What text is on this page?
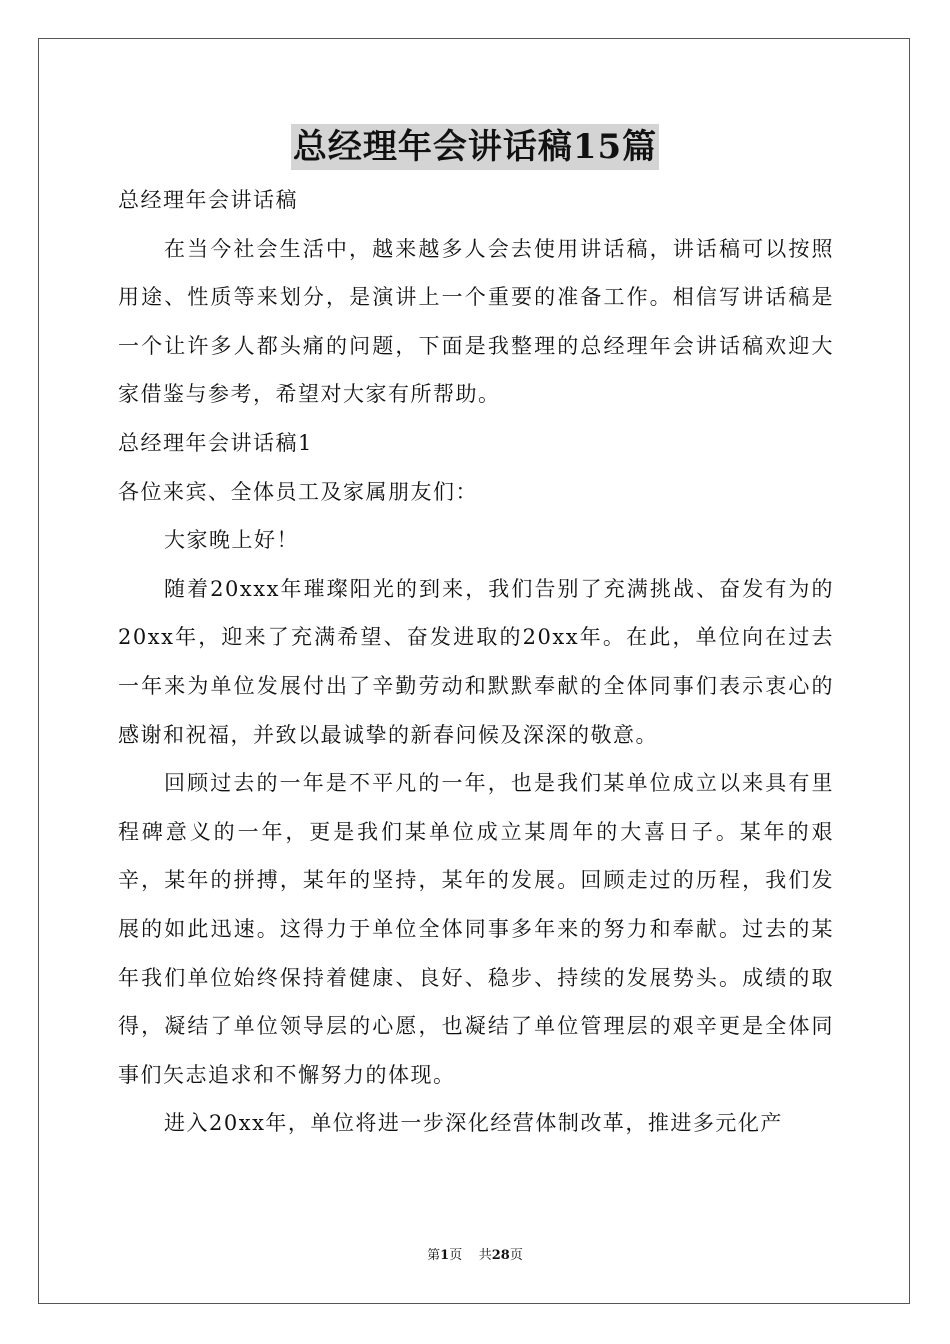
总经理年会讲话稿15篇

总经理年会讲话稿

在当今社会生活中，越来越多人会去使用讲话稿，讲话稿可以按照用途、性质等来划分，是演讲上一个重要的准备工作。相信写讲话稿是一个让许多人都头痛的问题，下面是我整理的总经理年会讲话稿欢迎大家借鉴与参考，希望对大家有所帮助。

总经理年会讲话稿1

各位来宾、全体员工及家属朋友们：

大家晚上好！

随着20xxx年璀璨阳光的到来，我们告别了充满挑战、奋发有为的20xx年，迎来了充满希望、奋发进取的20xx年。在此，单位向在过去一年来为单位发展付出了辛勤劳动和默默奉献的全体同事们表示衷心的感谢和祝福，并致以最诚挚的新春问候及深深的敬意。

回顾过去的一年是不平凡的一年，也是我们某单位成立以来具有里程碑意义的一年，更是我们某单位成立某周年的大喜日子。某年的艰辛，某年的拼搏，某年的坚持，某年的发展。回顾走过的历程，我们发展的如此迅速。这得力于单位全体同事多年来的努力和奉献。过去的某年我们单位始终保持着健康、良好、稳步、持续的发展势头。成绩的取得，凝结了单位领导层的心愿，也凝结了单位管理层的艰辛更是全体同事们矢志追求和不懈努力的体现。

进入20xx年，单位将进一步深化经营体制改革，推进多元化产

第1页 共28页
